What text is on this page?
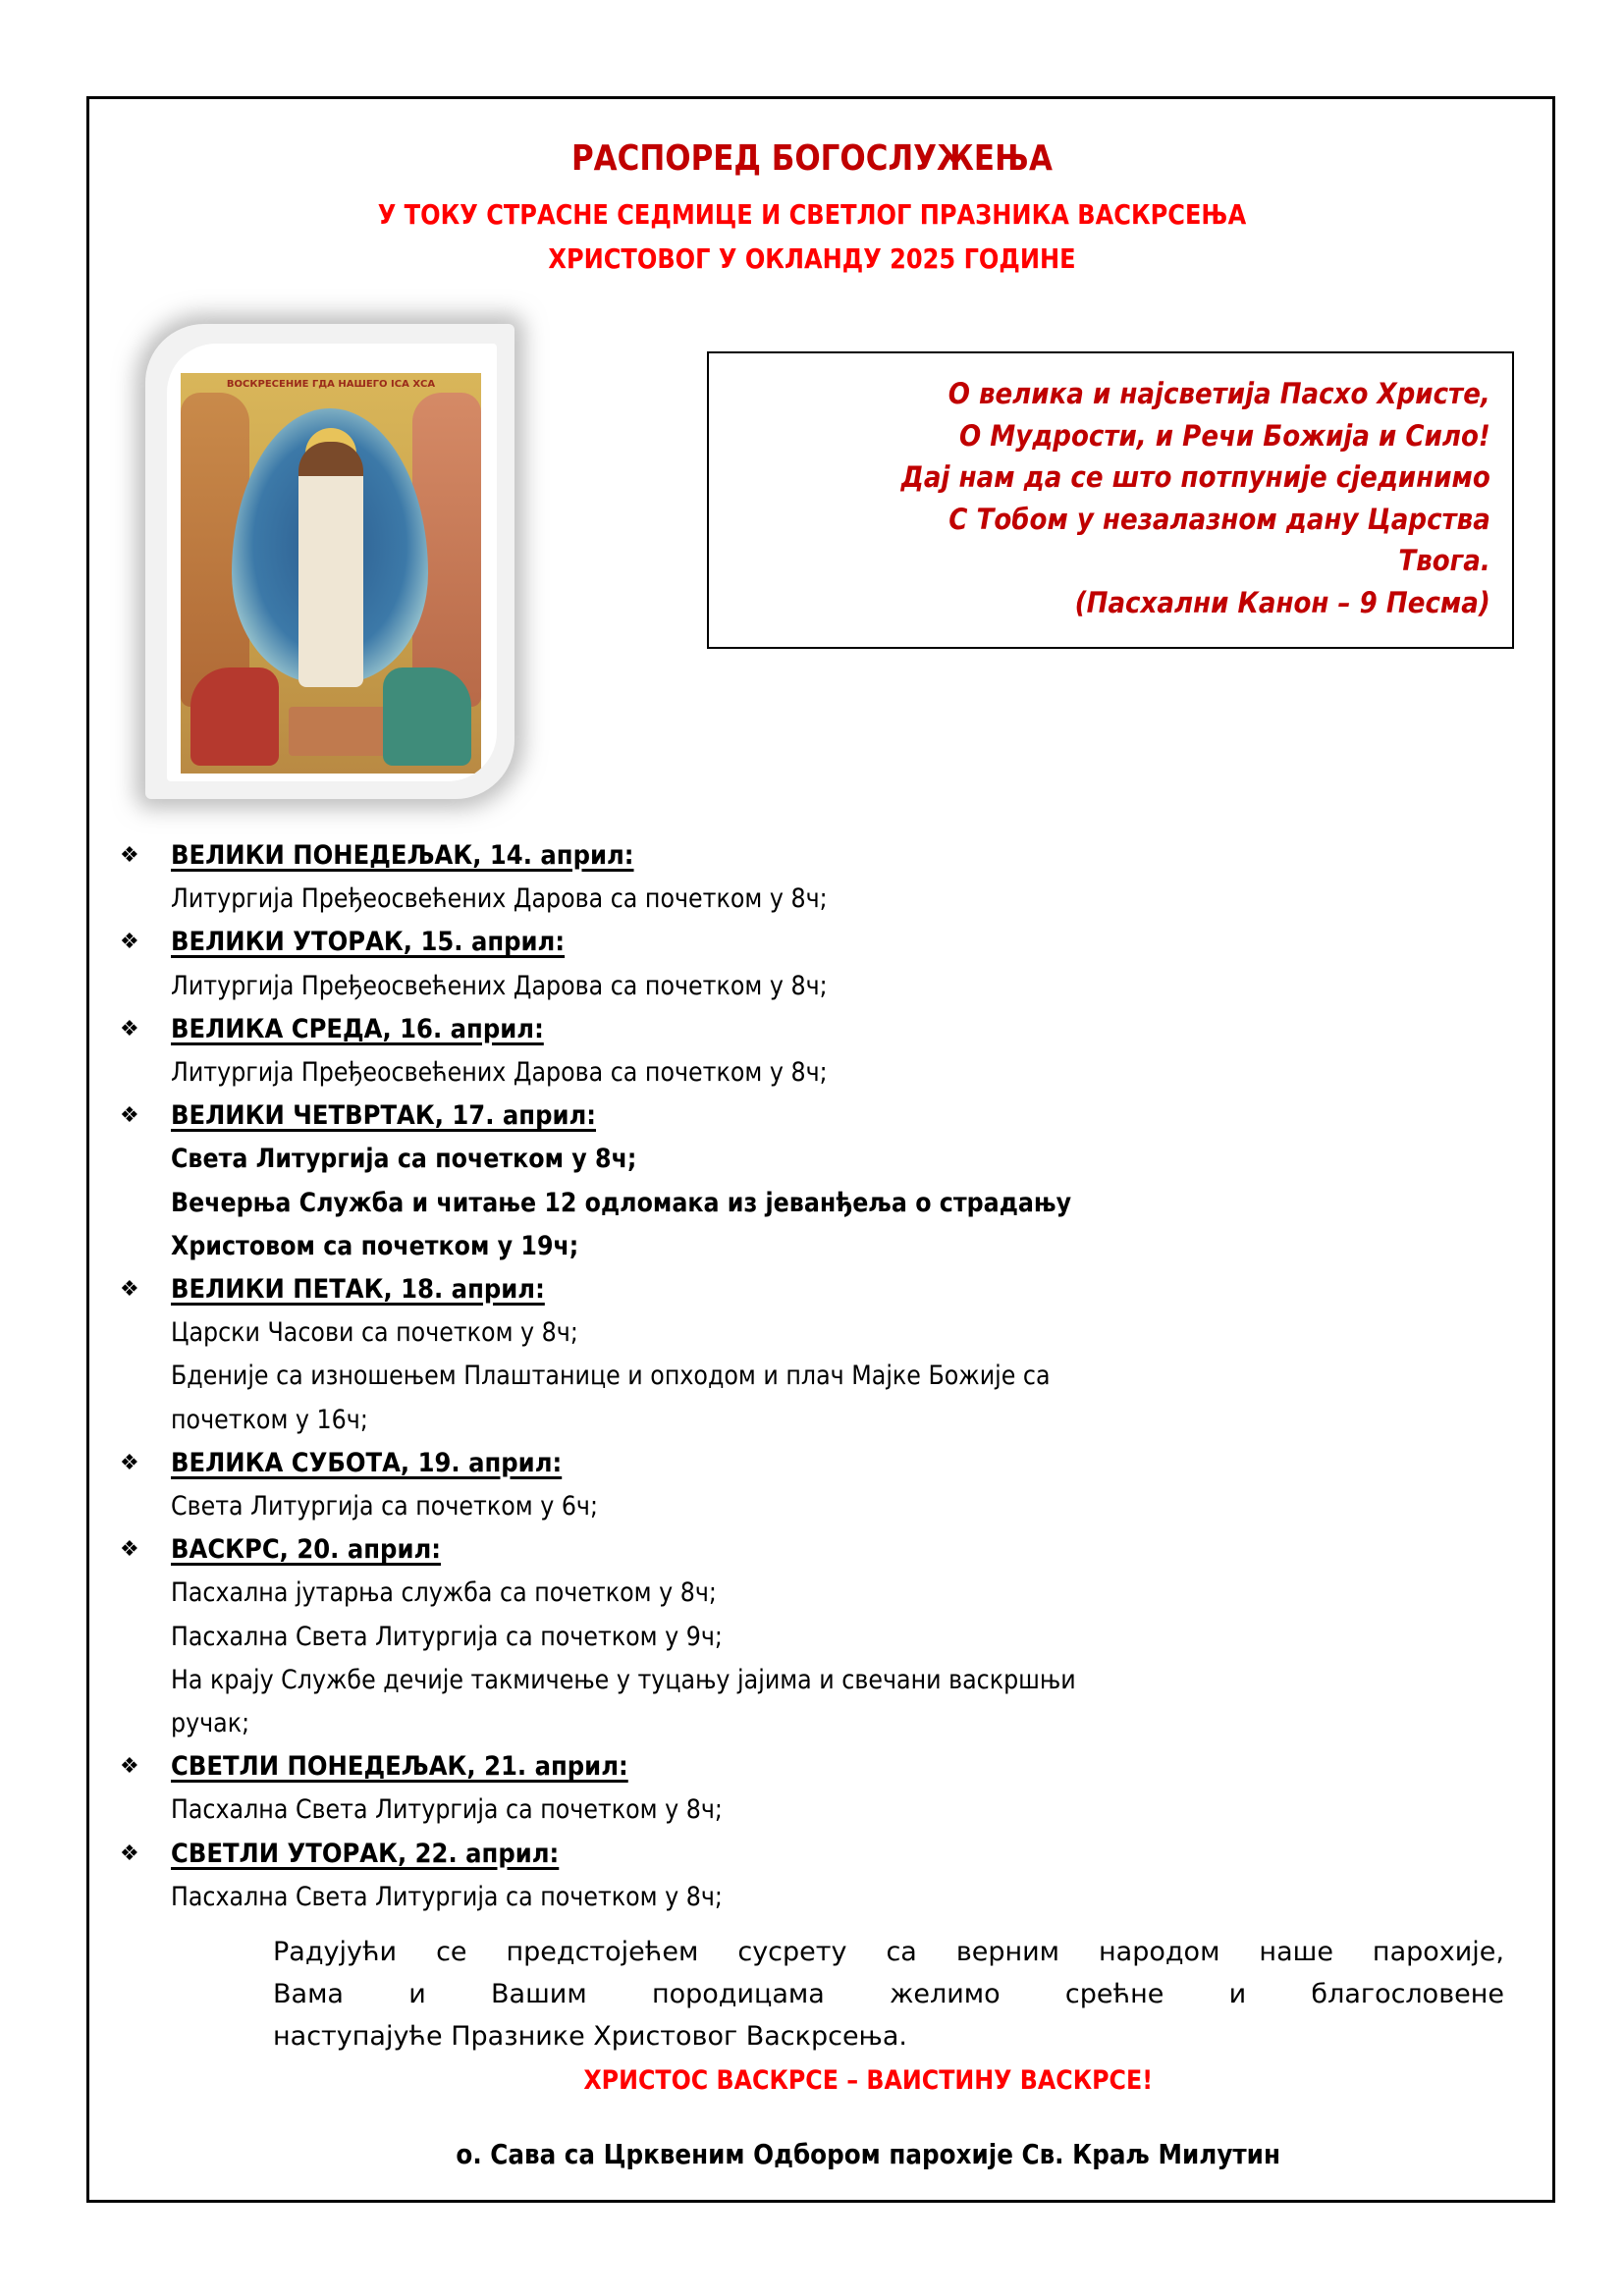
РАСПОРЕД БОГОСЛУЖЕЊА
У ТОКУ СТРАСНЕ СЕДМИЦЕ И СВЕТЛОГ ПРАЗНИКА ВАСКРСЕЊА
ХРИСТОВОГ У ОКЛАНДУ 2025 ГОДИНЕ
ВОСКРЕСЕНИЕ ГДА НАШЕГО ІСА ХСА	О велика и најсветија Пасхо Христе,
О Мудрости, и Речи Божија и Сило!
Дај нам да се што потпуније сјединимо
С Тобом у незалазном дану Царства
Твога.
(Пасхални Канон – 9 Песма)
❖ ВЕЛИКИ ПОНЕДЕЉАК, 14. април:
Литургија Пређеосвећених Дарова са почетком у 8ч;
❖ ВЕЛИКИ УТОРАК, 15. април:
Литургија Пређеосвећених Дарова са почетком у 8ч;
❖ ВЕЛИКА СРЕДА, 16. април:
Литургија Пређеосвећених Дарова са почетком у 8ч;
❖ ВЕЛИКИ ЧЕТВРТАК, 17. април:
Света Литургија са почетком у 8ч;
Вечерња Служба и читање 12 одломака из јеванђеља о страдању
Христовом са почетком у 19ч;
❖ ВЕЛИКИ ПЕТАК, 18. април:
Царски Часови са почетком у 8ч;
Бденије са изношењем Плаштанице и опходом и плач Мајке Божије са
почетком у 16ч;
❖ ВЕЛИКА СУБОТА, 19. април:
Света Литургија са почетком у 6ч;
❖ ВАСКРС, 20. април:
Пасхална јутарња служба са почетком у 8ч;
Пасхална Света Литургија са почетком у 9ч;
На крају Службе дечије такмичење у туцању јајима и свечани васкршњи
ручак;
❖ СВЕТЛИ ПОНЕДЕЉАК, 21. април:
Пасхална Света Литургија са почетком у 8ч;
❖ СВЕТЛИ УТОРАК, 22. април:
Пасхална Света Литургија са почетком у 8ч;
Радујући се предстојећем сусрету са верним народом наше парохије,
Вама и Вашим породицама желимо срећне и благословене
наступајуће Празнике Христовог Васкрсења.
ХРИСТОС ВАСКРСЕ – ВАИСТИНУ ВАСКРСЕ!
о. Сава са Црквеним Одбором парохије Св. Краљ Милутин
